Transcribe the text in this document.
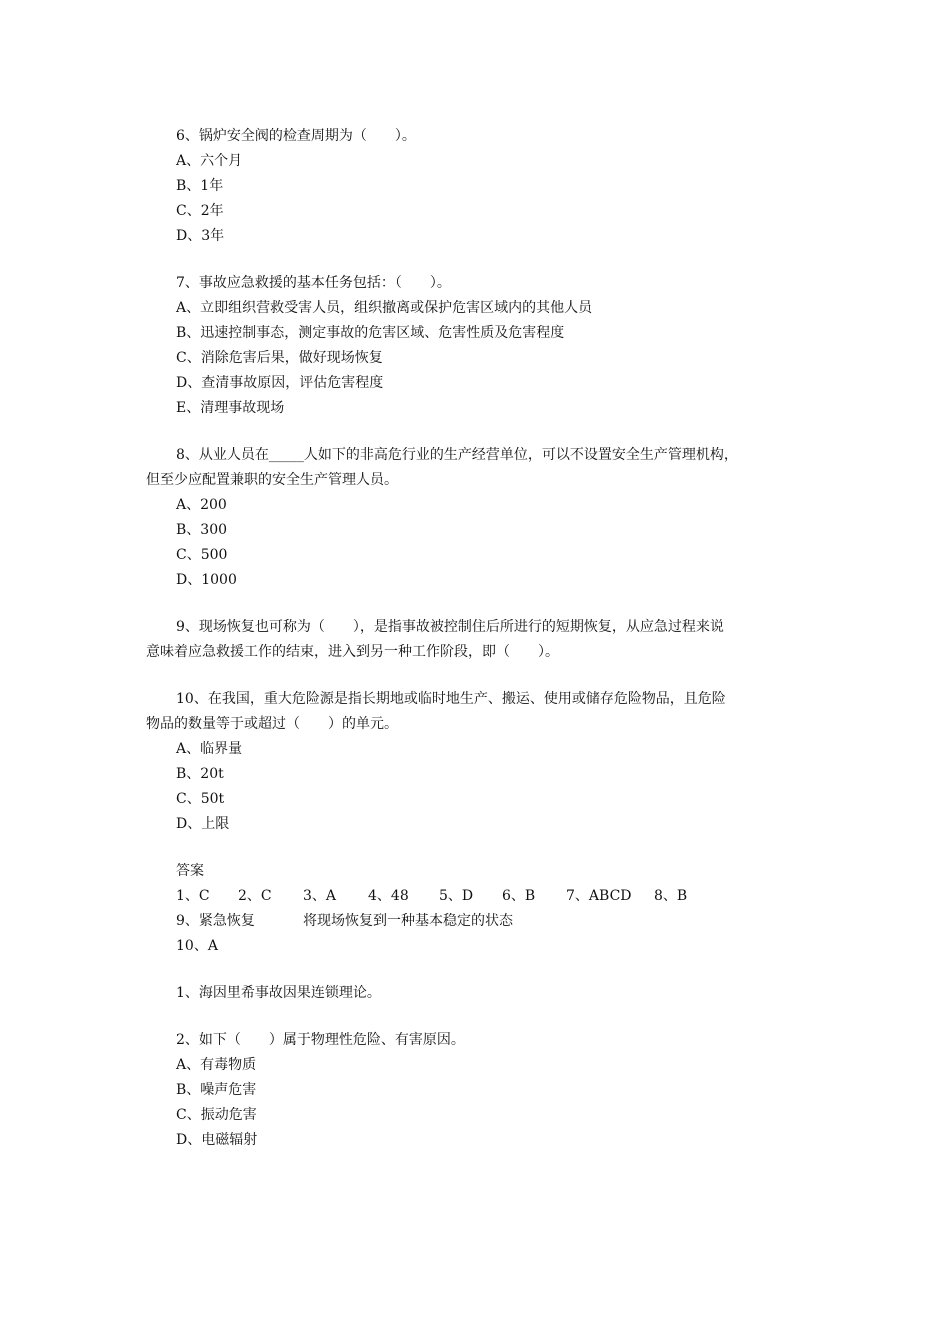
6、锅炉安全阀的检查周期为（　　）。
A、六个月
B、1年
C、2年
D、3年
7、事故应急救援的基本任务包括：（　　）。
A、立即组织营救受害人员，组织撤离或保护危害区域内的其他人员
B、迅速控制事态，测定事故的危害区域、危害性质及危害程度
C、消除危害后果，做好现场恢复
D、查清事故原因，评估危害程度
E、清理事故现场
8、从业人员在_____人如下的非高危行业的生产经营单位，可以不设置安全生产管理机构，
但至少应配置兼职的安全生产管理人员。
A、200
B、300
C、500
D、1000
9、现场恢复也可称为（　　），是指事故被控制住后所进行的短期恢复，从应急过程来说
意味着应急救援工作的结束，进入到另一种工作阶段，即（　　）。
10、在我国，重大危险源是指长期地或临时地生产、搬运、使用或储存危险物品，且危险
物品的数量等于或超过（　　）的单元。
A、临界量
B、20t
C、50t
D、上限
答案
1、C 2、C 3、A 4、48 5、D 6、B 7、ABCD 8、B
9、紧急恢复	将现场恢复到一种基本稳定的状态
10、A
1、海因里希事故因果连锁理论。
2、如下（　　）属于物理性危险、有害原因。
A、有毒物质
B、噪声危害
C、振动危害
D、电磁辐射
